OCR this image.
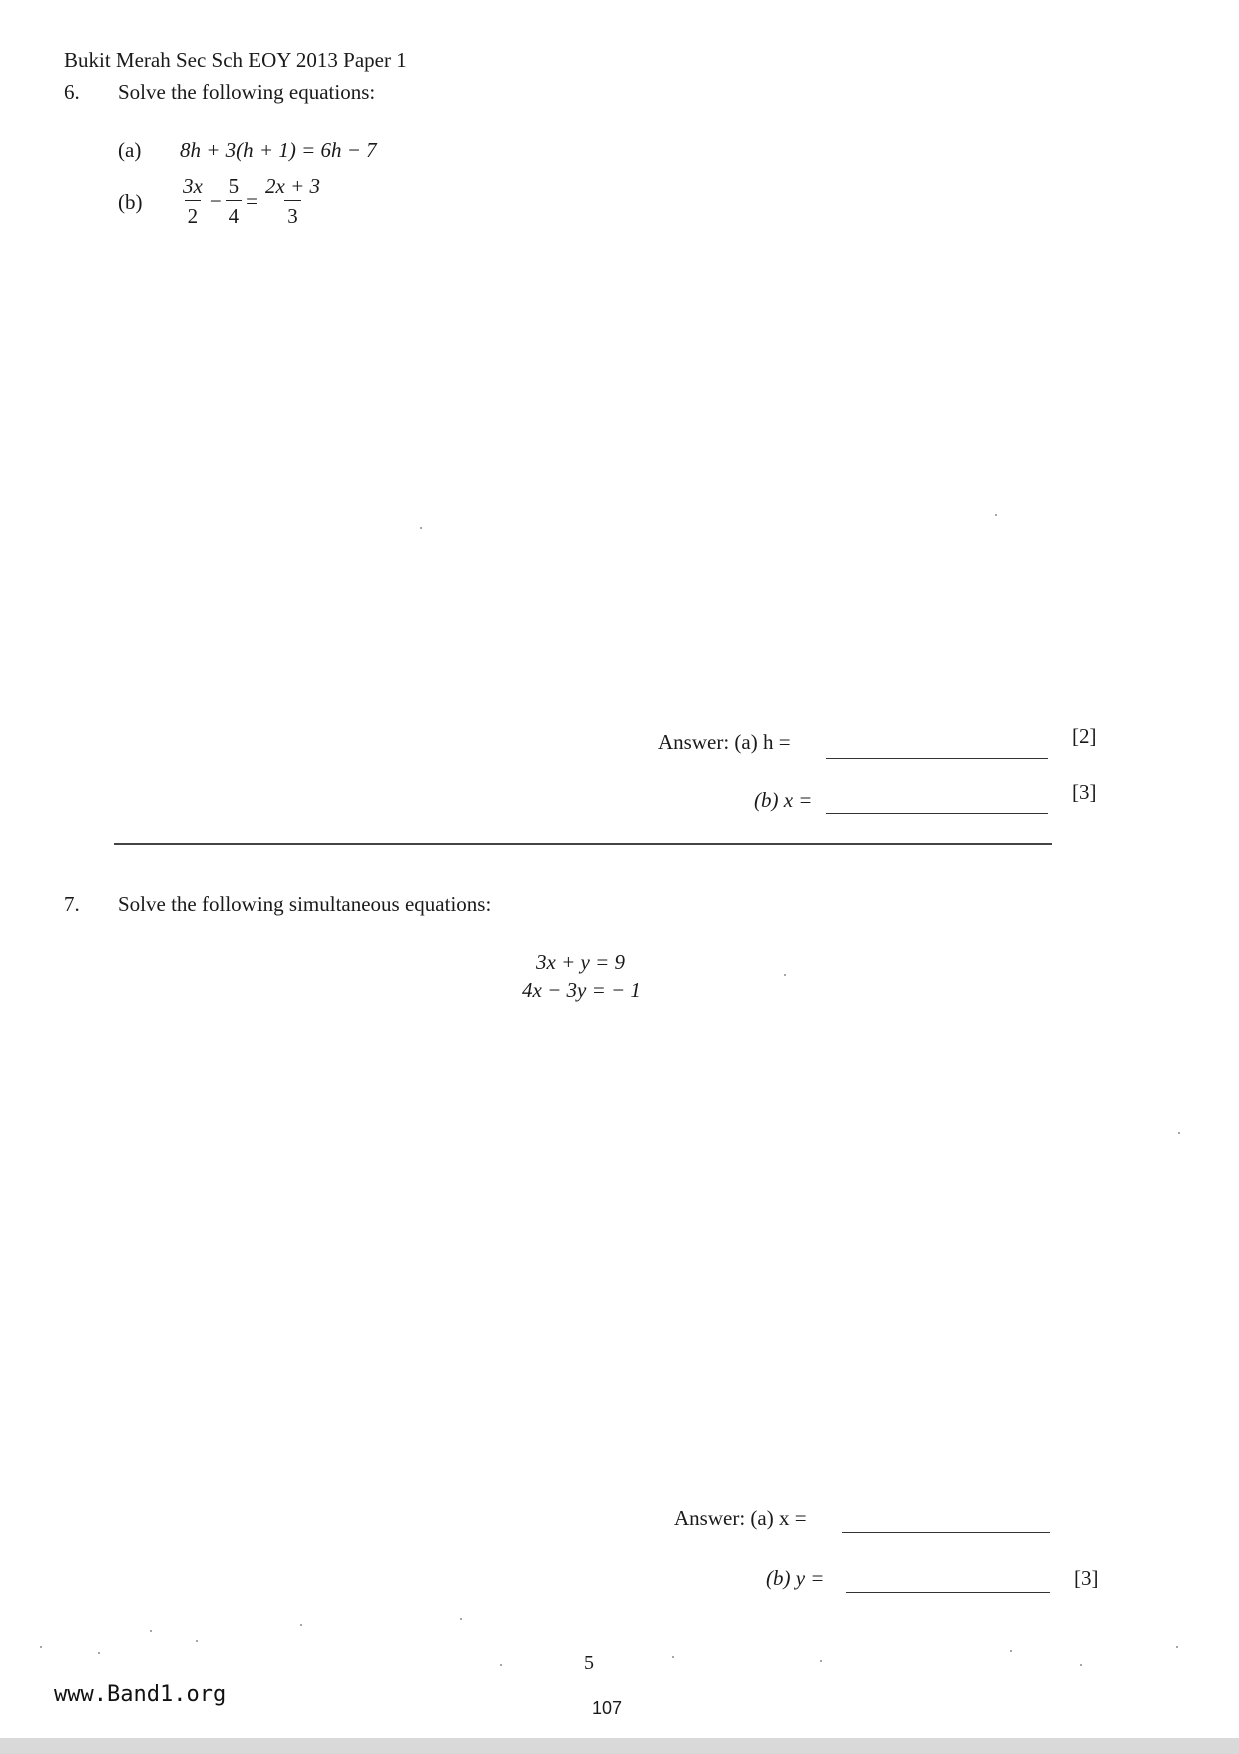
Bukit Merah Sec Sch EOY 2013 Paper 1
6. Solve the following equations:
(a) 8h + 3(h + 1) = 6h − 7
$(b) \frac{3x}{2} - \frac{5}{4} = \frac{2x + 3}{3}$
Answer: (a) h =	[2]
(b) x =	[3]
7. Solve the following simultaneous equations:
3x + y = 9
4x − 3y = − 1
Answer: (a) x =
(b) y =	[3]
5
www.Band1.org
107
